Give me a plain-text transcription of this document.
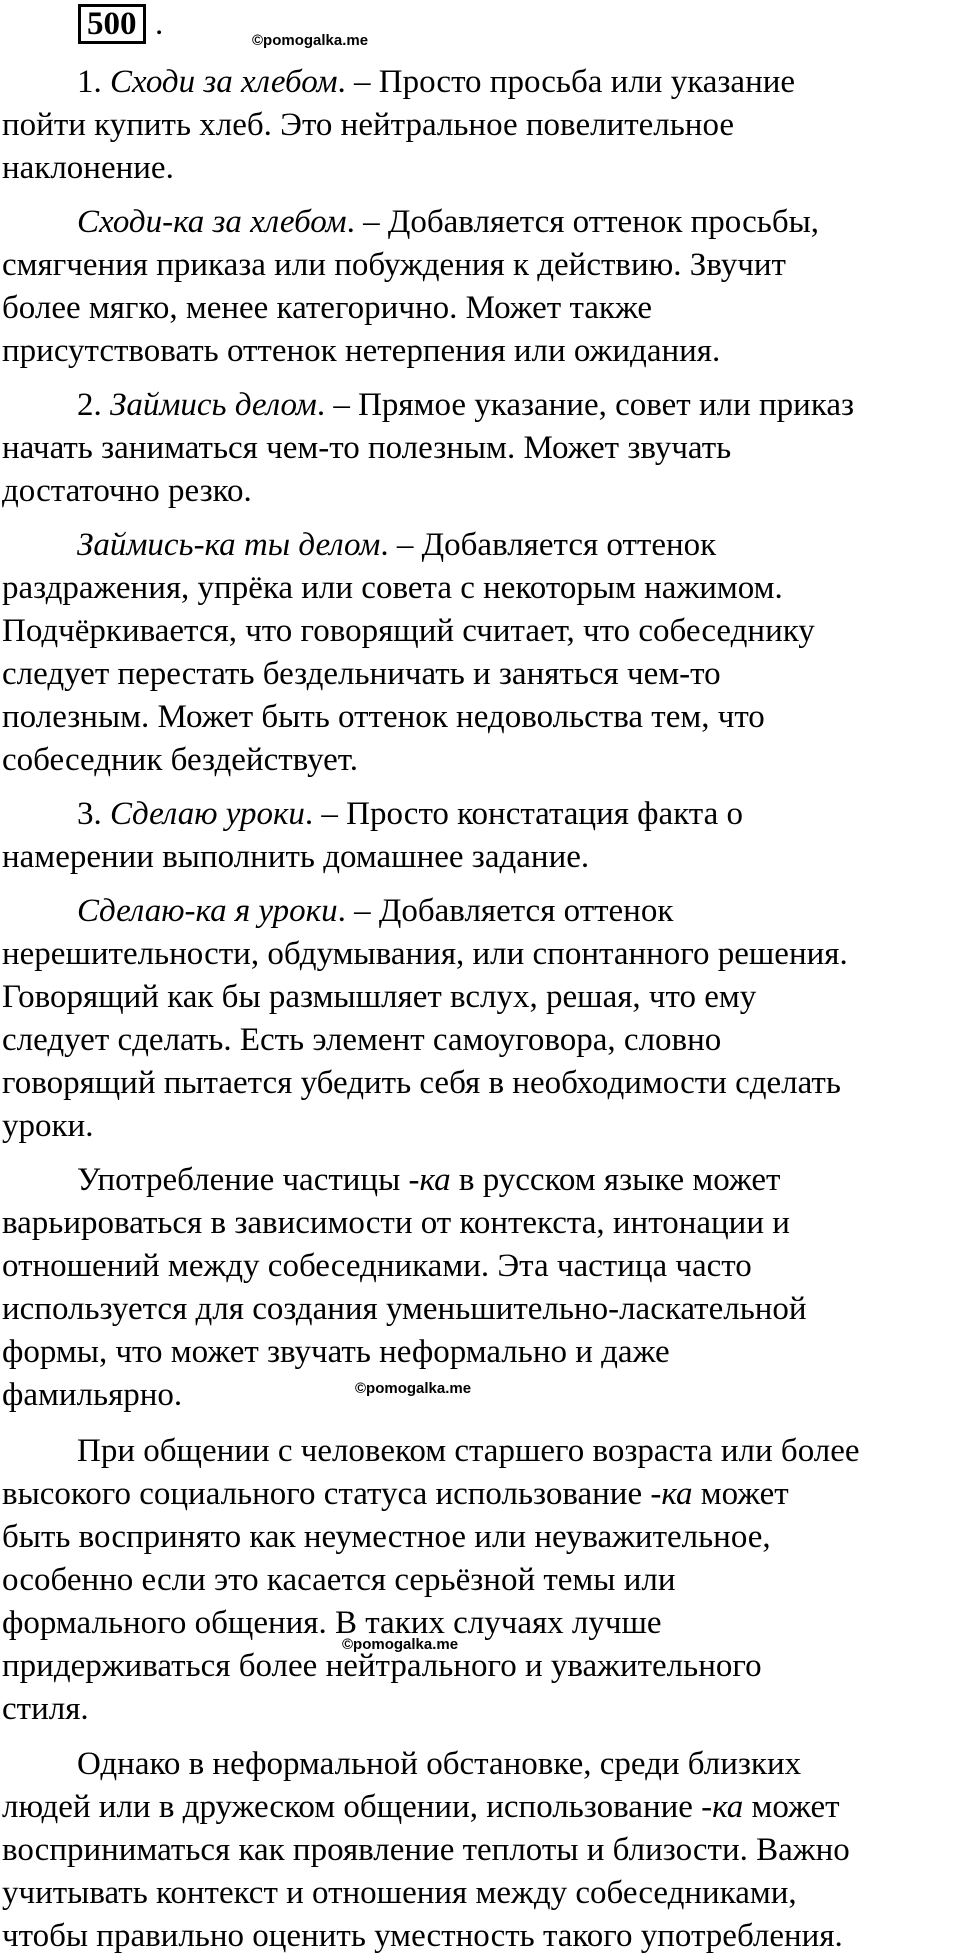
500 .	©pomogalka.me
1. Сходи за хлебом. – Просто просьба или указание
пойти купить хлеб. Это нейтральное повелительное
наклонение.
Сходи-ка за хлебом. – Добавляется оттенок просьбы,
смягчения приказа или побуждения к действию. Звучит
более мягко, менее категорично. Может также
присутствовать оттенок нетерпения или ожидания.
2. Займись делом. – Прямое указание, совет или приказ
начать заниматься чем-то полезным. Может звучать
достаточно резко.
Займись-ка ты делом. – Добавляется оттенок
раздражения, упрёка или совета с некоторым нажимом.
Подчёркивается, что говорящий считает, что собеседнику
следует перестать бездельничать и заняться чем-то
полезным. Может быть оттенок недовольства тем, что
собеседник бездействует.
3. Сделаю уроки. – Просто констатация факта о
намерении выполнить домашнее задание.
Сделаю-ка я уроки. – Добавляется оттенок
нерешительности, обдумывания, или спонтанного решения.
Говорящий как бы размышляет вслух, решая, что ему
следует сделать. Есть элемент самоуговора, словно
говорящий пытается убедить себя в необходимости сделать
уроки.
Употребление частицы -ка в русском языке может
варьироваться в зависимости от контекста, интонации и
отношений между собеседниками. Эта частица часто
используется для создания уменьшительно-ласкательной
формы, что может звучать неформально и даже
фамильярно.	©pomogalka.me
При общении с человеком старшего возраста или более
высокого социального статуса использование -ка может
быть воспринято как неуместное или неуважительное,
особенно если это касается серьёзной темы или
формального общения. В таких случаях лучше
придерживаться более нейтрального и уважительного
стиля.
©pomogalka.me
Однако в неформальной обстановке, среди близких
людей или в дружеском общении, использование -ка может
восприниматься как проявление теплоты и близости. Важно
учитывать контекст и отношения между собеседниками,
чтобы правильно оценить уместность такого употребления.
